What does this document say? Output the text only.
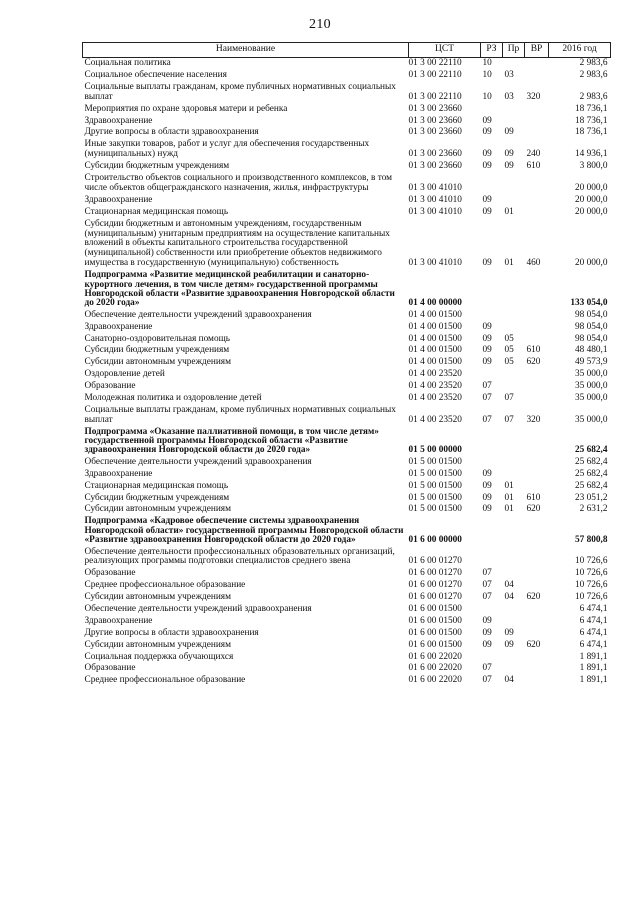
210
Наименование	ЦСТ	РЗ	Пр	ВР	2016 год
Социальная политика	01 3 00 22110	10			2 983,6
Социальное обеспечение населения	01 3 00 22110	10	03		2 983,6
Социальные выплаты гражданам, кроме публичных нормативных социальных выплат	01 3 00 22110	10	03	320	2 983,6
Мероприятия по охране здоровья матери и ребенка	01 3 00 23660				18 736,1
Здравоохранение	01 3 00 23660	09			18 736,1
Другие вопросы в области здравоохранения	01 3 00 23660	09	09		18 736,1
Иные закупки товаров, работ и услуг для обеспечения государственных (муниципальных) нужд	01 3 00 23660	09	09	240	14 936,1
Субсидии бюджетным учреждениям	01 3 00 23660	09	09	610	3 800,0
Строительство объектов социального и производственного комплексов, в том числе объектов общегражданского назначения, жилья, инфраструктуры	01 3 00 41010				20 000,0
Здравоохранение	01 3 00 41010	09			20 000,0
Стационарная медицинская помощь	01 3 00 41010	09	01		20 000,0
Субсидии бюджетным и автономным учреждениям, государственным (муниципальным) унитарным предприятиям на осуществление капитальных вложений в объекты капитального строительства государственной (муниципальной) собственности или приобретение объектов недвижимого имущества в государственную (муниципальную) собственность	01 3 00 41010	09	01	460	20 000,0
Подпрограмма «Развитие медицинской реабилитации и санаторно-курортного лечения, в том числе детям» государственной программы Новгородской области «Развитие здравоохранения Новгородской области до 2020 года»	01 4 00 00000				133 054,0
Обеспечение деятельности учреждений здравоохранения	01 4 00 01500				98 054,0
Здравоохранение	01 4 00 01500	09			98 054,0
Санаторно-оздоровительная помощь	01 4 00 01500	09	05		98 054,0
Субсидии бюджетным учреждениям	01 4 00 01500	09	05	610	48 480,1
Субсидии автономным учреждениям	01 4 00 01500	09	05	620	49 573,9
Оздоровление детей	01 4 00 23520				35 000,0
Образование	01 4 00 23520	07			35 000,0
Молодежная политика и оздоровление детей	01 4 00 23520	07	07		35 000,0
Социальные выплаты гражданам, кроме публичных нормативных социальных выплат	01 4 00 23520	07	07	320	35 000,0
Подпрограмма «Оказание паллиативной помощи, в том числе детям» государственной программы Новгородской области «Развитие здравоохранения Новгородской области до 2020 года»	01 5 00 00000				25 682,4
Обеспечение деятельности учреждений здравоохранения	01 5 00 01500				25 682,4
Здравоохранение	01 5 00 01500	09			25 682,4
Стационарная медицинская помощь	01 5 00 01500	09	01		25 682,4
Субсидии бюджетным учреждениям	01 5 00 01500	09	01	610	23 051,2
Субсидии автономным учреждениям	01 5 00 01500	09	01	620	2 631,2
Подпрограмма «Кадровое обеспечение системы здравоохранения Новгородской области» государственной программы Новгородской области «Развитие здравоохранения Новгородской области до 2020 года»	01 6 00 00000				57 800,8
Обеспечение деятельности профессиональных образовательных организаций, реализующих программы подготовки специалистов среднего звена	01 6 00 01270				10 726,6
Образование	01 6 00 01270	07			10 726,6
Среднее профессиональное образование	01 6 00 01270	07	04		10 726,6
Субсидии автономным учреждениям	01 6 00 01270	07	04	620	10 726,6
Обеспечение деятельности учреждений здравоохранения	01 6 00 01500				6 474,1
Здравоохранение	01 6 00 01500	09			6 474,1
Другие вопросы в области здравоохранения	01 6 00 01500	09	09		6 474,1
Субсидии автономным учреждениям	01 6 00 01500	09	09	620	6 474,1
Социальная поддержка обучающихся	01 6 00 22020				1 891,1
Образование	01 6 00 22020	07			1 891,1
Среднее профессиональное образование	01 6 00 22020	07	04		1 891,1
